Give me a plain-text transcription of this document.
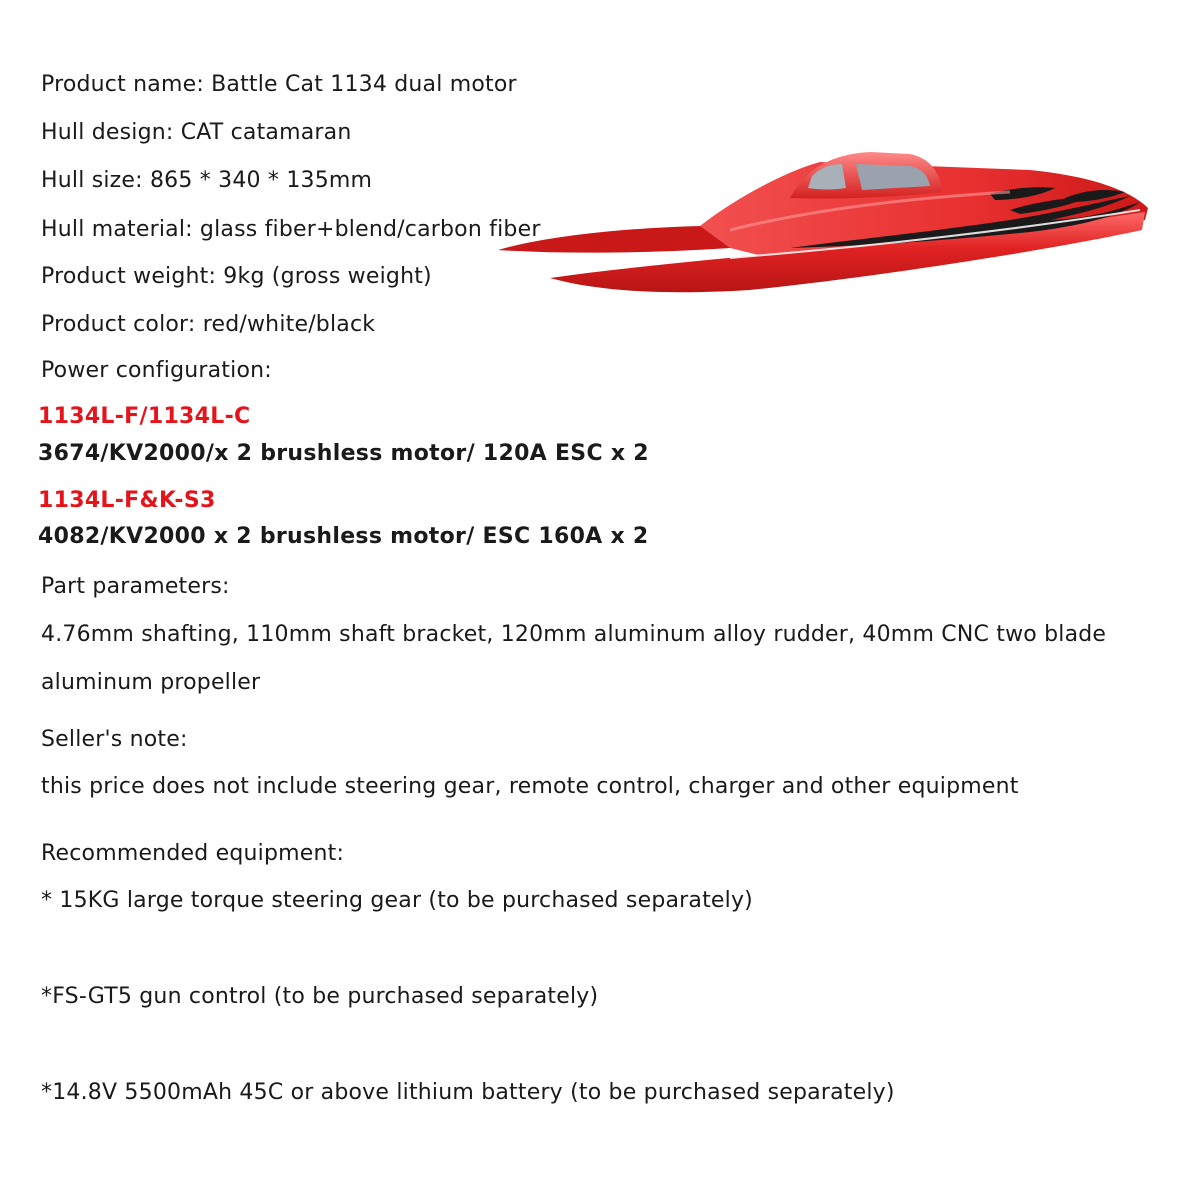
Product name: Battle Cat 1134 dual motor
Hull design: CAT catamaran
Hull size: 865 * 340 * 135mm
Hull material: glass fiber+blend/carbon fiber
Product weight: 9kg (gross weight)
Product color: red/white/black
Power configuration:
1134L-F/1134L-C
3674/KV2000/x 2 brushless motor/ 120A ESC x 2
1134L-F&K-S3
4082/KV2000 x 2 brushless motor/ ESC 160A x 2
Part parameters:
4.76mm shafting, 110mm shaft bracket, 120mm aluminum alloy rudder, 40mm CNC two blade
aluminum propeller
Seller's note:
this price does not include steering gear, remote control, charger and other equipment
Recommended equipment:
* 15KG large torque steering gear (to be purchased separately)
*FS-GT5 gun control (to be purchased separately)
*14.8V 5500mAh 45C or above lithium battery (to be purchased separately)
